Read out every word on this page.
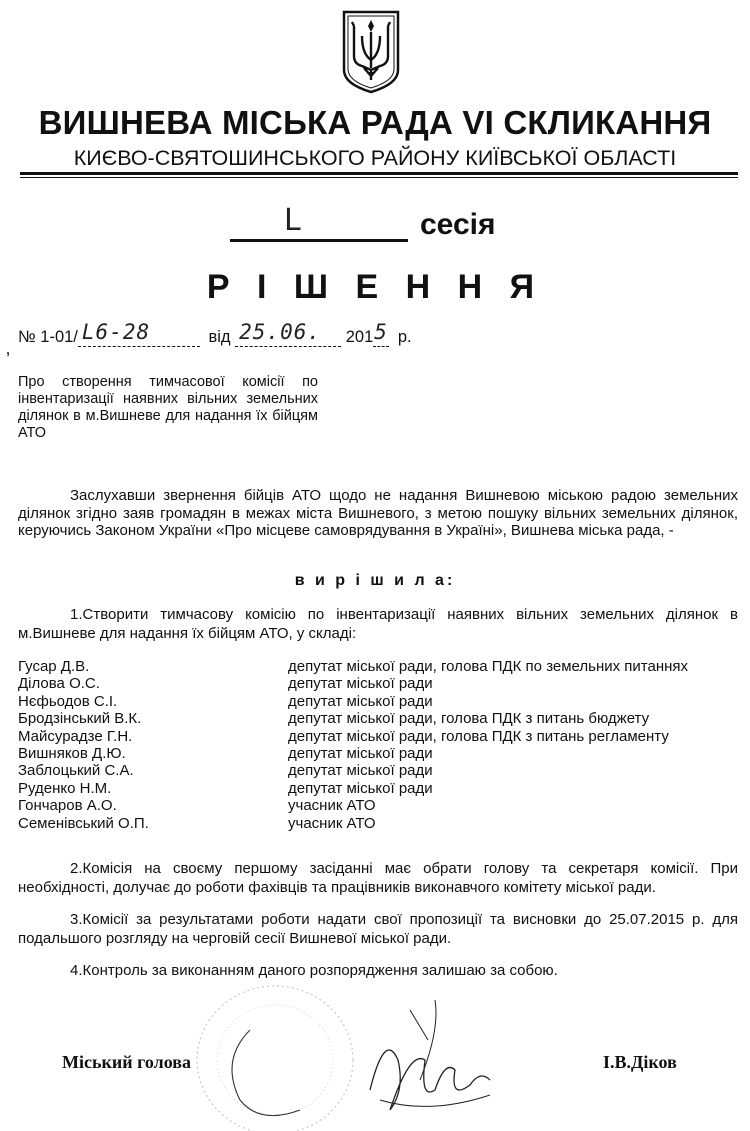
ВИШНЕВА МІСЬКА РАДА VI СКЛИКАННЯ
КИЄВО-СВЯТОШИНСЬКОГО РАЙОНУ КИЇВСЬКОЇ ОБЛАСТІ
L	сесія
Р І Ш Е Н Н Я
‚
№ 1-01/ L6-28	від 25.06. 201 5 р.
Про створення тимчасової комісії по інвентаризації наявних вільних земельних ділянок в м.Вишневе для надання їх бійцям АТО
Заслухавши звернення бійців АТО щодо не надання Вишневою міською радою земельних ділянок згідно заяв громадян в межах міста Вишневого, з метою пошуку вільних земельних ділянок, керуючись Законом України «Про місцеве самоврядування в Україні», Вишнева міська рада, -
в и р і ш и л а:
1.Створити тимчасову комісію по інвентаризації наявних вільних земельних ділянок в м.Вишневе для надання їх бійцям АТО, у складі:
Гусар Д.В.	депутат міської ради, голова ПДК по земельних питаннях
Ділова О.С.	депутат міської ради
Нєфьодов С.І.	депутат міської ради
Бродзінський В.К.	депутат міської ради, голова ПДК з питань бюджету
Майсурадзе Г.Н.	депутат міської ради, голова ПДК з питань регламенту
Вишняков Д.Ю.	депутат міської ради
Заблоцький С.А.	депутат міської ради
Руденко Н.М.	депутат міської ради
Гончаров А.О.	учасник АТО
Семенівський О.П.	учасник АТО
2.Комісія на своєму першому засіданні має обрати голову та секретаря комісії. При необхідності, долучає до роботи фахівців та працівників виконавчого комітету міської ради.
3.Комісії за результатами роботи надати свої пропозиції та висновки до 25.07.2015 р. для подальшого розгляду на черговій сесії Вишневої міської ради.
4.Контроль за виконанням даного розпорядження залишаю за собою.
Міський голова	І.В.Діков
